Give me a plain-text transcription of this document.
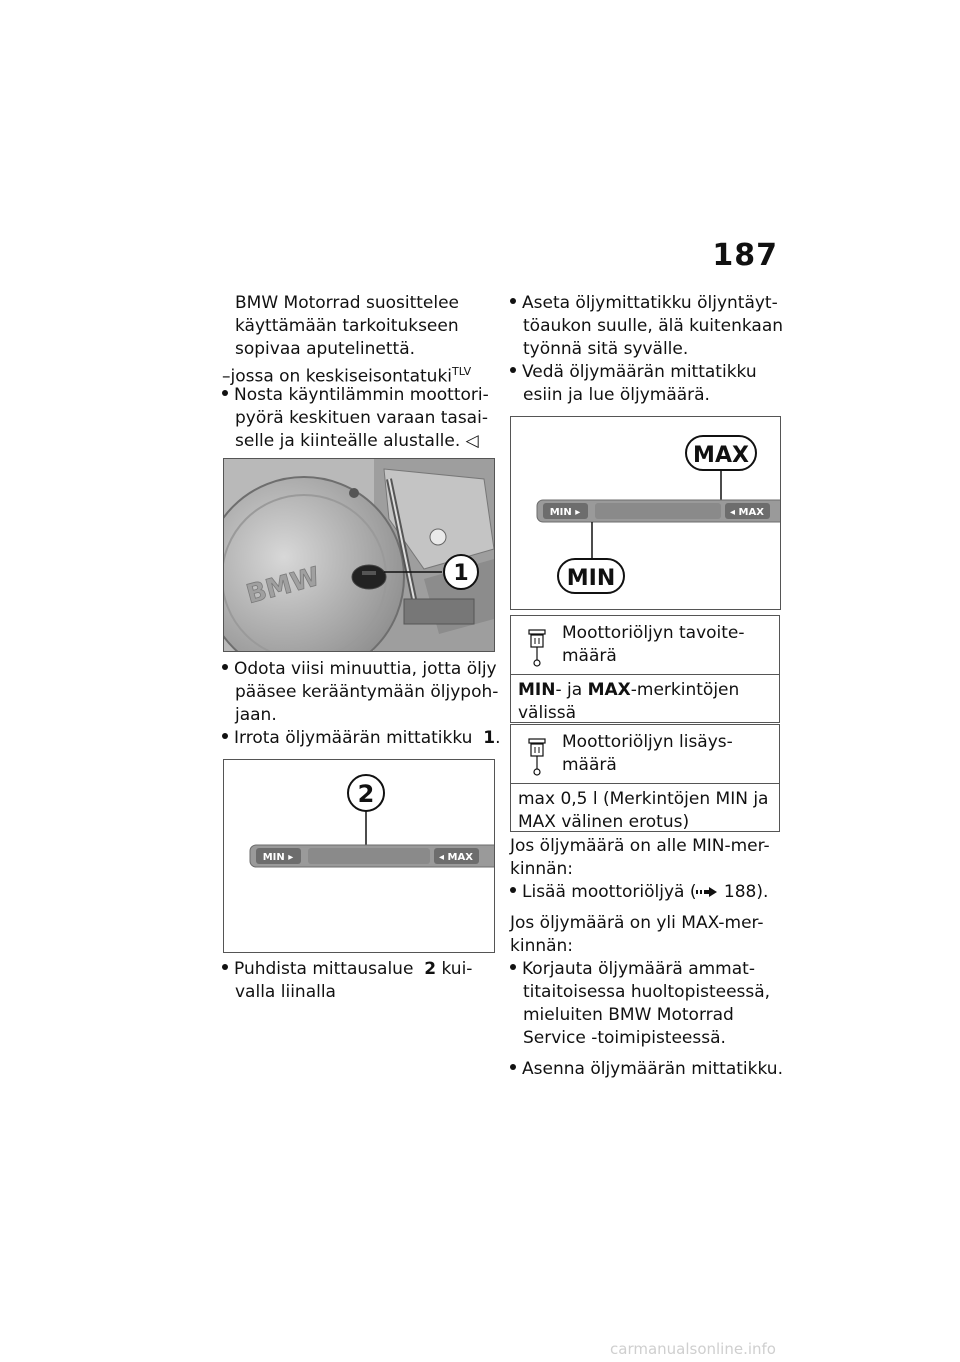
187
BMW Motorrad suosittelee
käyttämään tarkoitukseen
sopivaa aputelinettä.
–jossa on keskiseisontatuki$^{TLV}$
Nosta käyntilämmin moottori-
pyörä keskituen varaan tasai-
selle ja kiinteälle alustalle. ◁
BMW	1
Odota viisi minuuttia, jotta öljy
pääsee kerääntymään öljypoh-
jaan.
Irrota öljymäärän mittatikku 1.
2
MIN ▸	◂ MAX
Puhdista mittausalue 2 kui-
valla liinalla
Aseta öljymittatikku öljyntäyt-
töaukon suulle, älä kuitenkaan
työnnä sitä syvälle.
Vedä öljymäärän mittatikku
esiin ja lue öljymäärä.
MAX
MIN ▸	◂ MAX
MIN
Moottoriöljyn tavoite-
määrä
MIN- ja MAX-merkintöjen
välissä
Moottoriöljyn lisäys-
määrä
max 0,5 l (Merkintöjen MIN ja
MAX välinen erotus)
Jos öljymäärä on alle MIN-mer-
kinnän:
Lisää moottoriöljyä ( 188).
Jos öljymäärä on yli MAX-mer-
kinnän:
Korjauta öljymäärä ammat-
titaitoisessa huoltopisteessä,
mieluiten BMW Motorrad
Service -toimipisteessä.
Asenna öljymäärän mittatikku.
carmanualsonline.info
